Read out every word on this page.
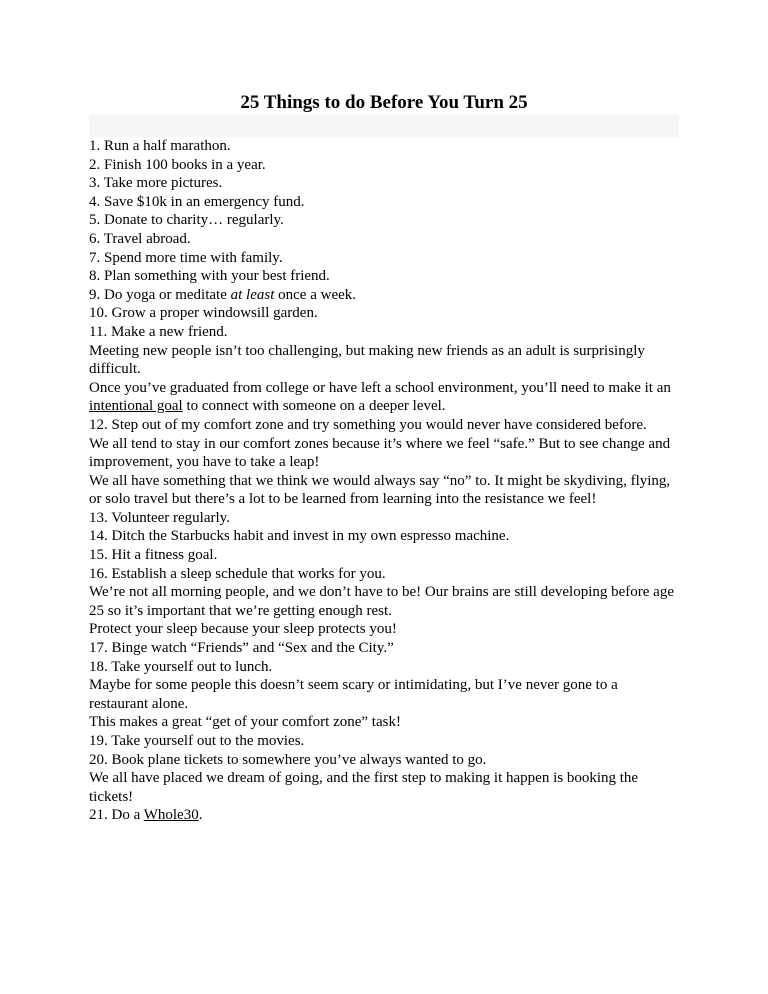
25 Things to do Before You Turn 25
1. Run a half marathon.
2. Finish 100 books in a year.
3. Take more pictures.
4. Save $10k in an emergency fund.
5. Donate to charity… regularly.
6. Travel abroad.
7. Spend more time with family.
8. Plan something with your best friend.
9. Do yoga or meditate at least once a week.
10. Grow a proper windowsill garden.
11. Make a new friend.
Meeting new people isn’t too challenging, but making new friends as an adult is surprisingly difficult.
Once you’ve graduated from college or have left a school environment, you’ll need to make it an intentional goal to connect with someone on a deeper level.
12. Step out of my comfort zone and try something you would never have considered before.
We all tend to stay in our comfort zones because it’s where we feel “safe.” But to see change and improvement, you have to take a leap!
We all have something that we think we would always say “no” to. It might be skydiving, flying, or solo travel but there’s a lot to be learned from learning into the resistance we feel!
13. Volunteer regularly.
14. Ditch the Starbucks habit and invest in my own espresso machine.
15. Hit a fitness goal.
16. Establish a sleep schedule that works for you.
We’re not all morning people, and we don’t have to be! Our brains are still developing before age 25 so it’s important that we’re getting enough rest.
Protect your sleep because your sleep protects you!
17. Binge watch “Friends” and “Sex and the City.”
18. Take yourself out to lunch.
Maybe for some people this doesn’t seem scary or intimidating, but I’ve never gone to a restaurant alone.
This makes a great “get of your comfort zone” task!
19. Take yourself out to the movies.
20. Book plane tickets to somewhere you’ve always wanted to go.
We all have placed we dream of going, and the first step to making it happen is booking the tickets!
21. Do a Whole30.
